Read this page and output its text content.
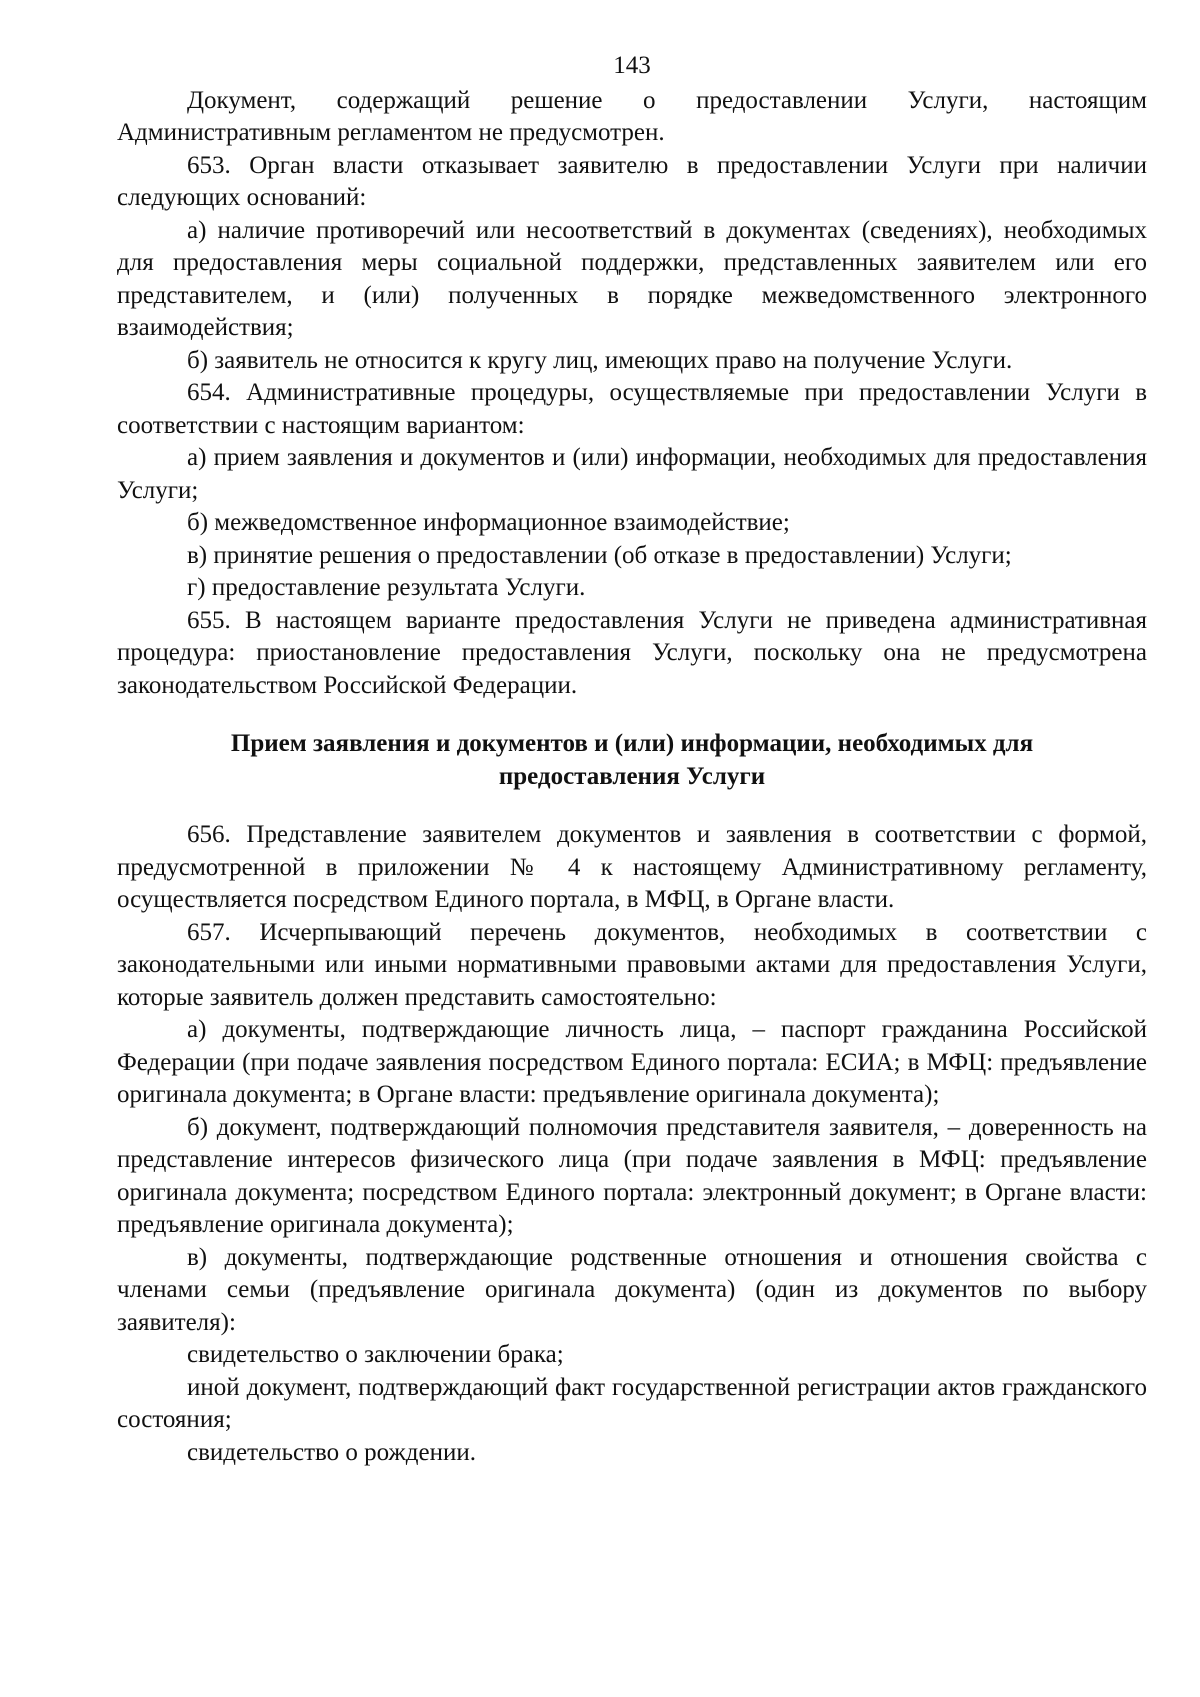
143

Документ, содержащий решение о предоставлении Услуги, настоящим Административным регламентом не предусмотрен.

653. Орган власти отказывает заявителю в предоставлении Услуги при наличии следующих оснований:

а) наличие противоречий или несоответствий в документах (сведениях), необходимых для предоставления меры социальной поддержки, представленных заявителем или его представителем, и (или) полученных в порядке межведомственного электронного взаимодействия;

б) заявитель не относится к кругу лиц, имеющих право на получение Услуги.

654. Административные процедуры, осуществляемые при предоставлении Услуги в соответствии с настоящим вариантом:

а) прием заявления и документов и (или) информации, необходимых для предоставления Услуги;

б) межведомственное информационное взаимодействие;

в) принятие решения о предоставлении (об отказе в предоставлении) Услуги;

г) предоставление результата Услуги.

655. В настоящем варианте предоставления Услуги не приведена административная процедура: приостановление предоставления Услуги, поскольку она не предусмотрена законодательством Российской Федерации.

Прием заявления и документов и (или) информации, необходимых для предоставления Услуги

656. Представление заявителем документов и заявления в соответствии с формой, предусмотренной в приложении № 4 к настоящему Административному регламенту, осуществляется посредством Единого портала, в МФЦ, в Органе власти.

657. Исчерпывающий перечень документов, необходимых в соответствии с законодательными или иными нормативными правовыми актами для предоставления Услуги, которые заявитель должен представить самостоятельно:

а) документы, подтверждающие личность лица, – паспорт гражданина Российской Федерации (при подаче заявления посредством Единого портала: ЕСИА; в МФЦ: предъявление оригинала документа; в Органе власти: предъявление оригинала документа);

б) документ, подтверждающий полномочия представителя заявителя, – доверенность на представление интересов физического лица (при подаче заявления в МФЦ: предъявление оригинала документа; посредством Единого портала: электронный документ; в Органе власти: предъявление оригинала документа);

в) документы, подтверждающие родственные отношения и отношения свойства с членами семьи (предъявление оригинала документа) (один из документов по выбору заявителя):

свидетельство о заключении брака;

иной документ, подтверждающий факт государственной регистрации актов гражданского состояния;

свидетельство о рождении.
